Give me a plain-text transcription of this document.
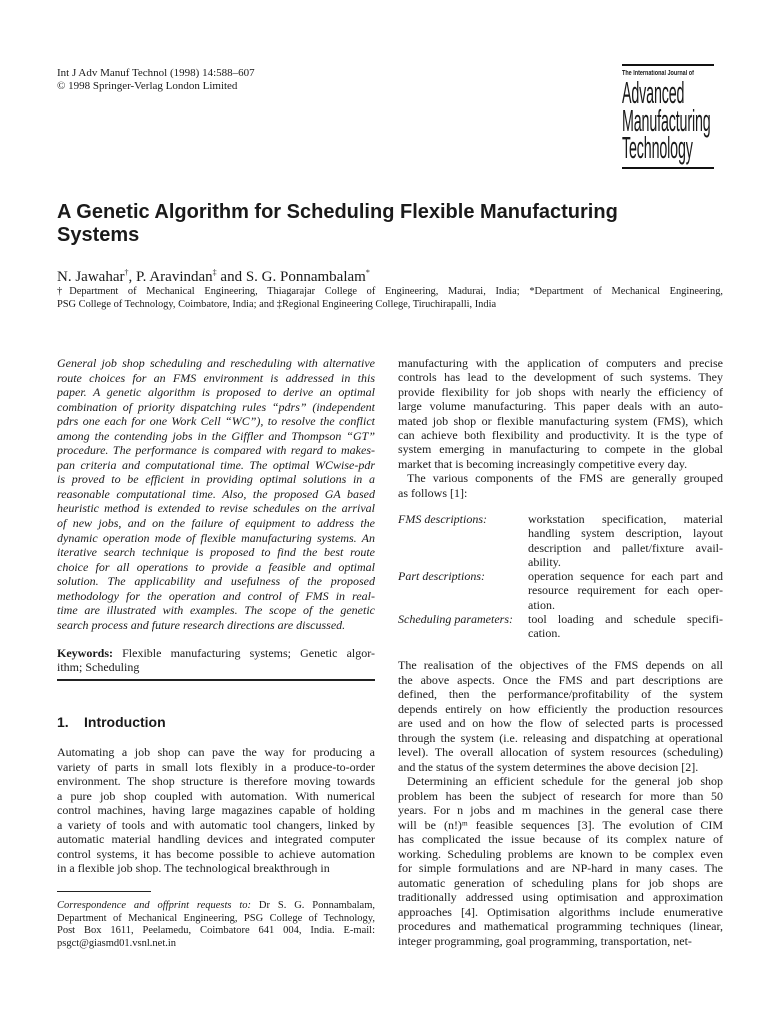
Int J Adv Manuf Technol (1998) 14:588–607
© 1998 Springer-Verlag London Limited
The International Journal of
Advanced
Manufacturing
Technology
A Genetic Algorithm for Scheduling Flexible Manufacturing
Systems
N. Jawahar†, P. Aravindan‡ and S. G. Ponnambalam*
†Department of Mechanical Engineering, Thiagarajar College of Engineering, Madurai, India; *Department of Mechanical Engineering,
PSG College of Technology, Coimbatore, India; and ‡Regional Engineering College, Tiruchirapalli, India
General job shop scheduling and rescheduling with alternative
route choices for an FMS environment is addressed in this
paper. A genetic algorithm is proposed to derive an optimal
combination of priority dispatching rules “pdrs” (independent
pdrs one each for one Work Cell “WC”), to resolve the conflict
among the contending jobs in the Giffler and Thompson “GT”
procedure. The performance is compared with regard to makes-
pan criteria and computational time. The optimal WCwise-pdr
is proved to be efficient in providing optimal solutions in a
reasonable computational time. Also, the proposed GA based
heuristic method is extended to revise schedules on the arrival
of new jobs, and on the failure of equipment to address the
dynamic operation mode of flexible manufacturing systems. An
iterative search technique is proposed to find the best route
choice for all operations to provide a feasible and optimal
solution. The applicability and usefulness of the proposed
methodology for the operation and control of FMS in real-
time are illustrated with examples. The scope of the genetic
search process and future research directions are discussed.
Keywords: Flexible manufacturing systems; Genetic algor-
ithm; Scheduling
1. Introduction
Automating a job shop can pave the way for producing a
variety of parts in small lots flexibly in a produce-to-order
environment. The shop structure is therefore moving towards
a pure job shop coupled with automation. With numerical
control machines, having large magazines capable of holding
a variety of tools and with automatic tool changers, linked by
automatic material handling devices and integrated computer
control systems, it has become possible to achieve automation
in a flexible job shop. The technological breakthrough in
Correspondence and offprint requests to: Dr S. G. Ponnambalam,
Department of Mechanical Engineering, PSG College of Technology,
Post Box 1611, Peelamedu, Coimbatore 641 004, India. E-mail:
psgct@giasmd01.vsnl.net.in
manufacturing with the application of computers and precise
controls has lead to the development of such systems. They
provide flexibility for job shops with nearly the efficiency of
large volume manufacturing. This paper deals with an auto-
mated job shop or flexible manufacturing system (FMS), which
can achieve both flexibility and productivity. It is the type of
system emerging in manufacturing to compete in the global
market that is becoming increasingly competitive every day.
The various components of the FMS are generally grouped
as follows [1]:
FMS descriptions:	workstation specification, material
handling system description, layout
description and pallet/fixture avail-
ability.
Part descriptions:	operation sequence for each part and
resource requirement for each oper-
ation.
Scheduling parameters:	tool loading and schedule specifi-
cation.
The realisation of the objectives of the FMS depends on all
the above aspects. Once the FMS and part descriptions are
defined, then the performance/profitability of the system
depends entirely on how efficiently the production resources
are used and on how the flow of selected parts is processed
through the system (i.e. releasing and dispatching at operational
level). The overall allocation of system resources (scheduling)
and the status of the system determines the above decision [2].
Determining an efficient schedule for the general job shop
problem has been the subject of research for more than 50
years. For n jobs and m machines in the general case there
will be (n!)ᵐ feasible sequences [3]. The evolution of CIM
has complicated the issue because of its complex nature of
working. Scheduling problems are known to be complex even
for simple formulations and are NP-hard in many cases. The
automatic generation of scheduling plans for job shops are
traditionally addressed using optimisation and approximation
approaches [4]. Optimisation algorithms include enumerative
procedures and mathematical programming techniques (linear,
integer programming, goal programming, transportation, net-
